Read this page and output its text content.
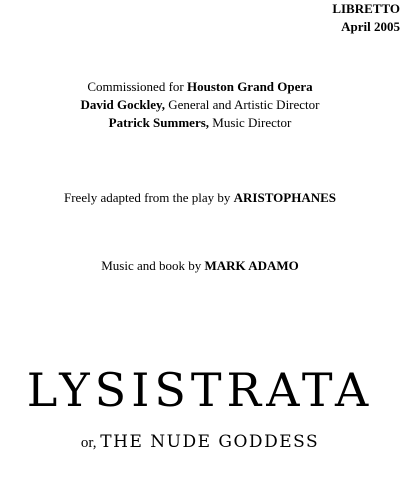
LIBRETTO
April 2005
Commissioned for Houston Grand Opera
David Gockley, General and Artistic Director
Patrick Summers, Music Director
Freely adapted from the play by ARISTOPHANES
Music and book by MARK ADAMO
LYSISTRATA
or, THE NUDE GODDESS
